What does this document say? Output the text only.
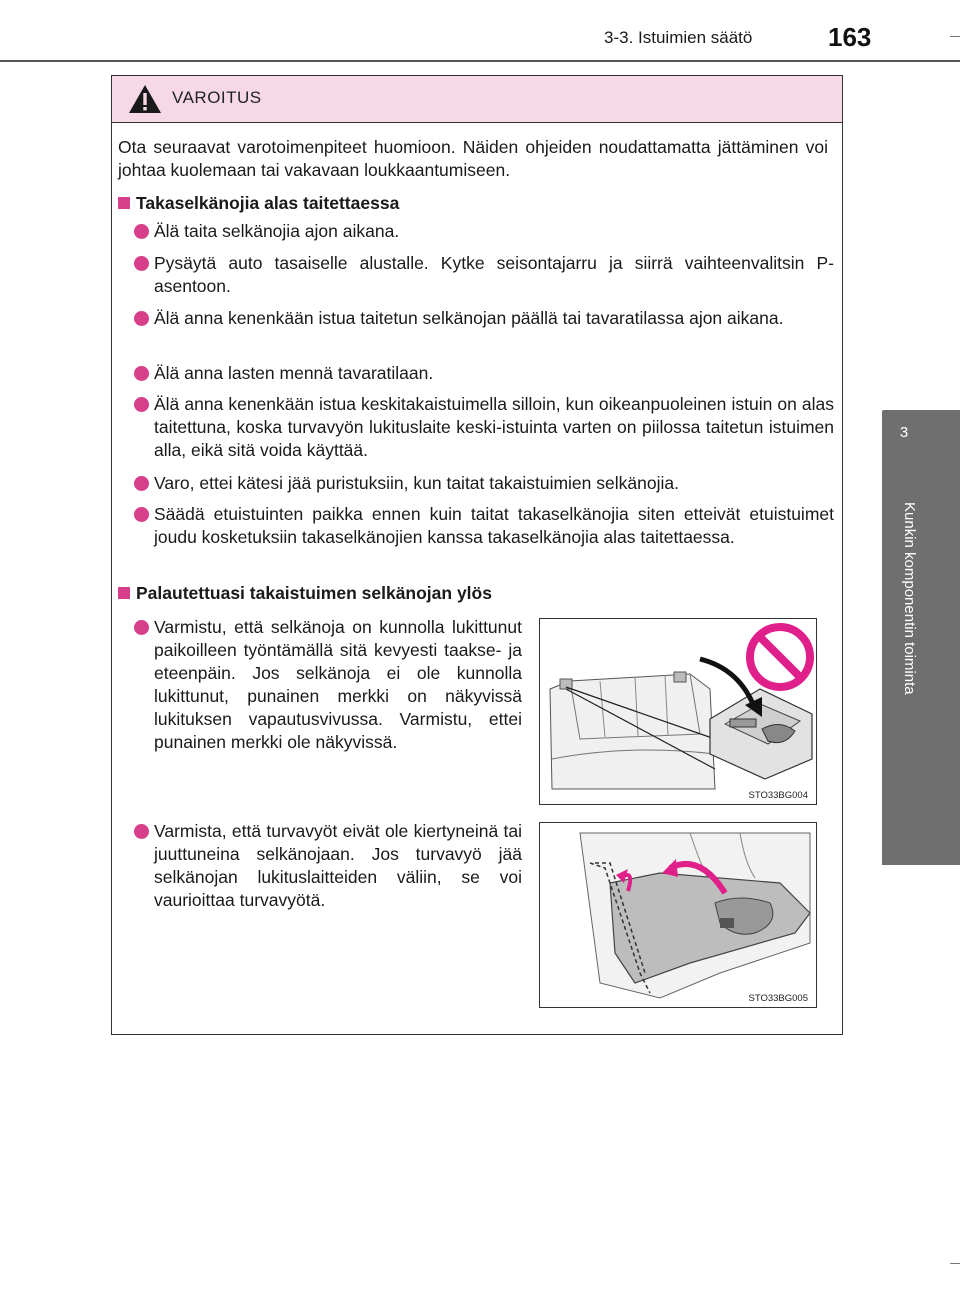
3-3. Istuimien säätö	163
3
Kunkin komponentin toiminta
VAROITUS

Ota seuraavat varotoimenpiteet huomioon. Näiden ohjeiden noudattamatta jättäminen voi johtaa kuolemaan tai vakavaan loukkaantumiseen.

Takaselkänojia alas taitettaessa
Älä taita selkänojia ajon aikana.
Pysäytä auto tasaiselle alustalle. Kytke seisontajarru ja siirrä vaihteenvalitsin P-asentoon.
Älä anna kenenkään istua taitetun selkänojan päällä tai tavaratilassa ajon aikana.
Älä anna lasten mennä tavaratilaan.
Älä anna kenenkään istua keskitakaistuimella silloin, kun oikeanpuoleinen istuin on alas taitettuna, koska turvavyön lukituslaite keski-istuinta varten on piilossa taitetun istuimen alla, eikä sitä voida käyttää.
Varo, ettei kätesi jää puristuksiin, kun taitat takaistuimien selkänojia.
Säädä etuistuinten paikka ennen kuin taitat takaselkänojia siten etteivät etuistuimet joudu kosketuksiin takaselkänojien kanssa takaselkänojia alas taitettaessa.
Palautettuasi takaistuimen selkänojan ylös
Varmistu, että selkänoja on kunnolla lukittunut paikoilleen työntämällä sitä kevyesti taakse- ja eteenpäin. Jos selkänoja ei ole kunnolla lukittunut, punainen merkki on näkyvissä lukituksen vapautusvivussa. Varmistu, ettei punainen merkki ole näkyvissä.
Varmista, että turvavyöt eivät ole kiertyneinä tai juuttuneina selkänojaan. Jos turvavyö jää selkänojan lukituslaitteiden väliin, se voi vaurioittaa turvavyötä.
STO33BG004
STO33BG005
